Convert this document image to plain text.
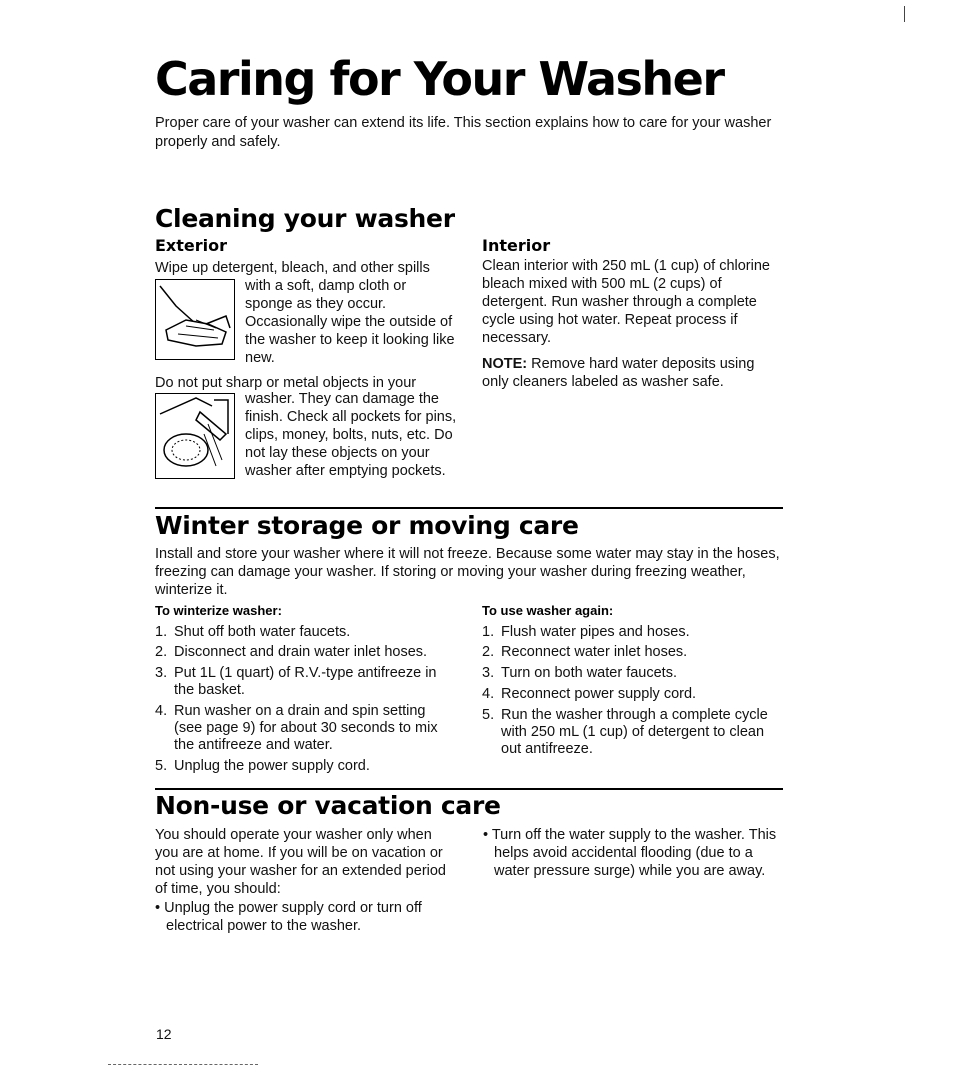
Caring for Your Washer

Proper care of your washer can extend its life. This section explains how to care for your washer properly and safely.

Cleaning your washer
Exterior

Wipe up detergent, bleach, and other spills

with a soft, damp cloth or sponge as they occur. Occasionally wipe the outside of the washer to keep it looking like new.

Do not put sharp or metal objects in your

washer. They can damage the finish. Check all pockets for pins, clips, money, bolts, nuts, etc. Do not lay these objects on your washer after emptying pockets.

Interior

Clean interior with 250 mL (1 cup) of chlorine bleach mixed with 500 mL (2 cups) of detergent. Run washer through a complete cycle using hot water. Repeat process if necessary.

NOTE: Remove hard water deposits using only cleaners labeled as washer safe.

Winter storage or moving care

Install and store your washer where it will not freeze. Because some water may stay in the hoses, freezing can damage your washer. If storing or moving your washer during freezing weather, winterize it.

To winterize washer:
1. Shut off both water faucets.
2. Disconnect and drain water inlet hoses.
3. Put 1L (1 quart) of R.V.-type antifreeze in the basket.
4. Run washer on a drain and spin setting (see page 9) for about 30 seconds to mix the antifreeze and water.
5. Unplug the power supply cord.
To use washer again:
1. Flush water pipes and hoses.
2. Reconnect water inlet hoses.
3. Turn on both water faucets.
4. Reconnect power supply cord.
5. Run the washer through a complete cycle with 250 mL (1 cup) of detergent to clean out antifreeze.
Non-use or vacation care

You should operate your washer only when you are at home. If you will be on vacation or not using your washer for an extended period of time, you should:

• Unplug the power supply cord or turn off electrical power to the washer.

• Turn off the water supply to the washer. This helps avoid accidental flooding (due to a water pressure surge) while you are away.

12
